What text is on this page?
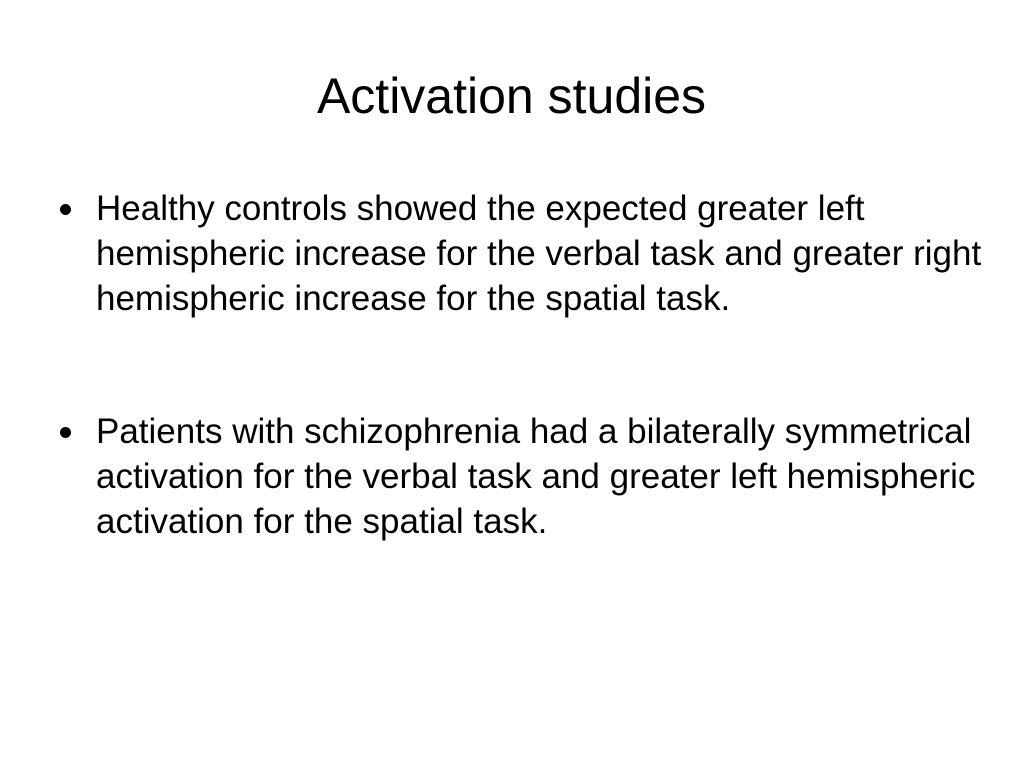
Activation studies
Healthy controls showed the expected greater left hemispheric increase for the verbal task and greater right hemispheric increase for the spatial task.
Patients with schizophrenia had a bilaterally symmetrical activation for the verbal task and greater left hemispheric activation for the spatial task.
